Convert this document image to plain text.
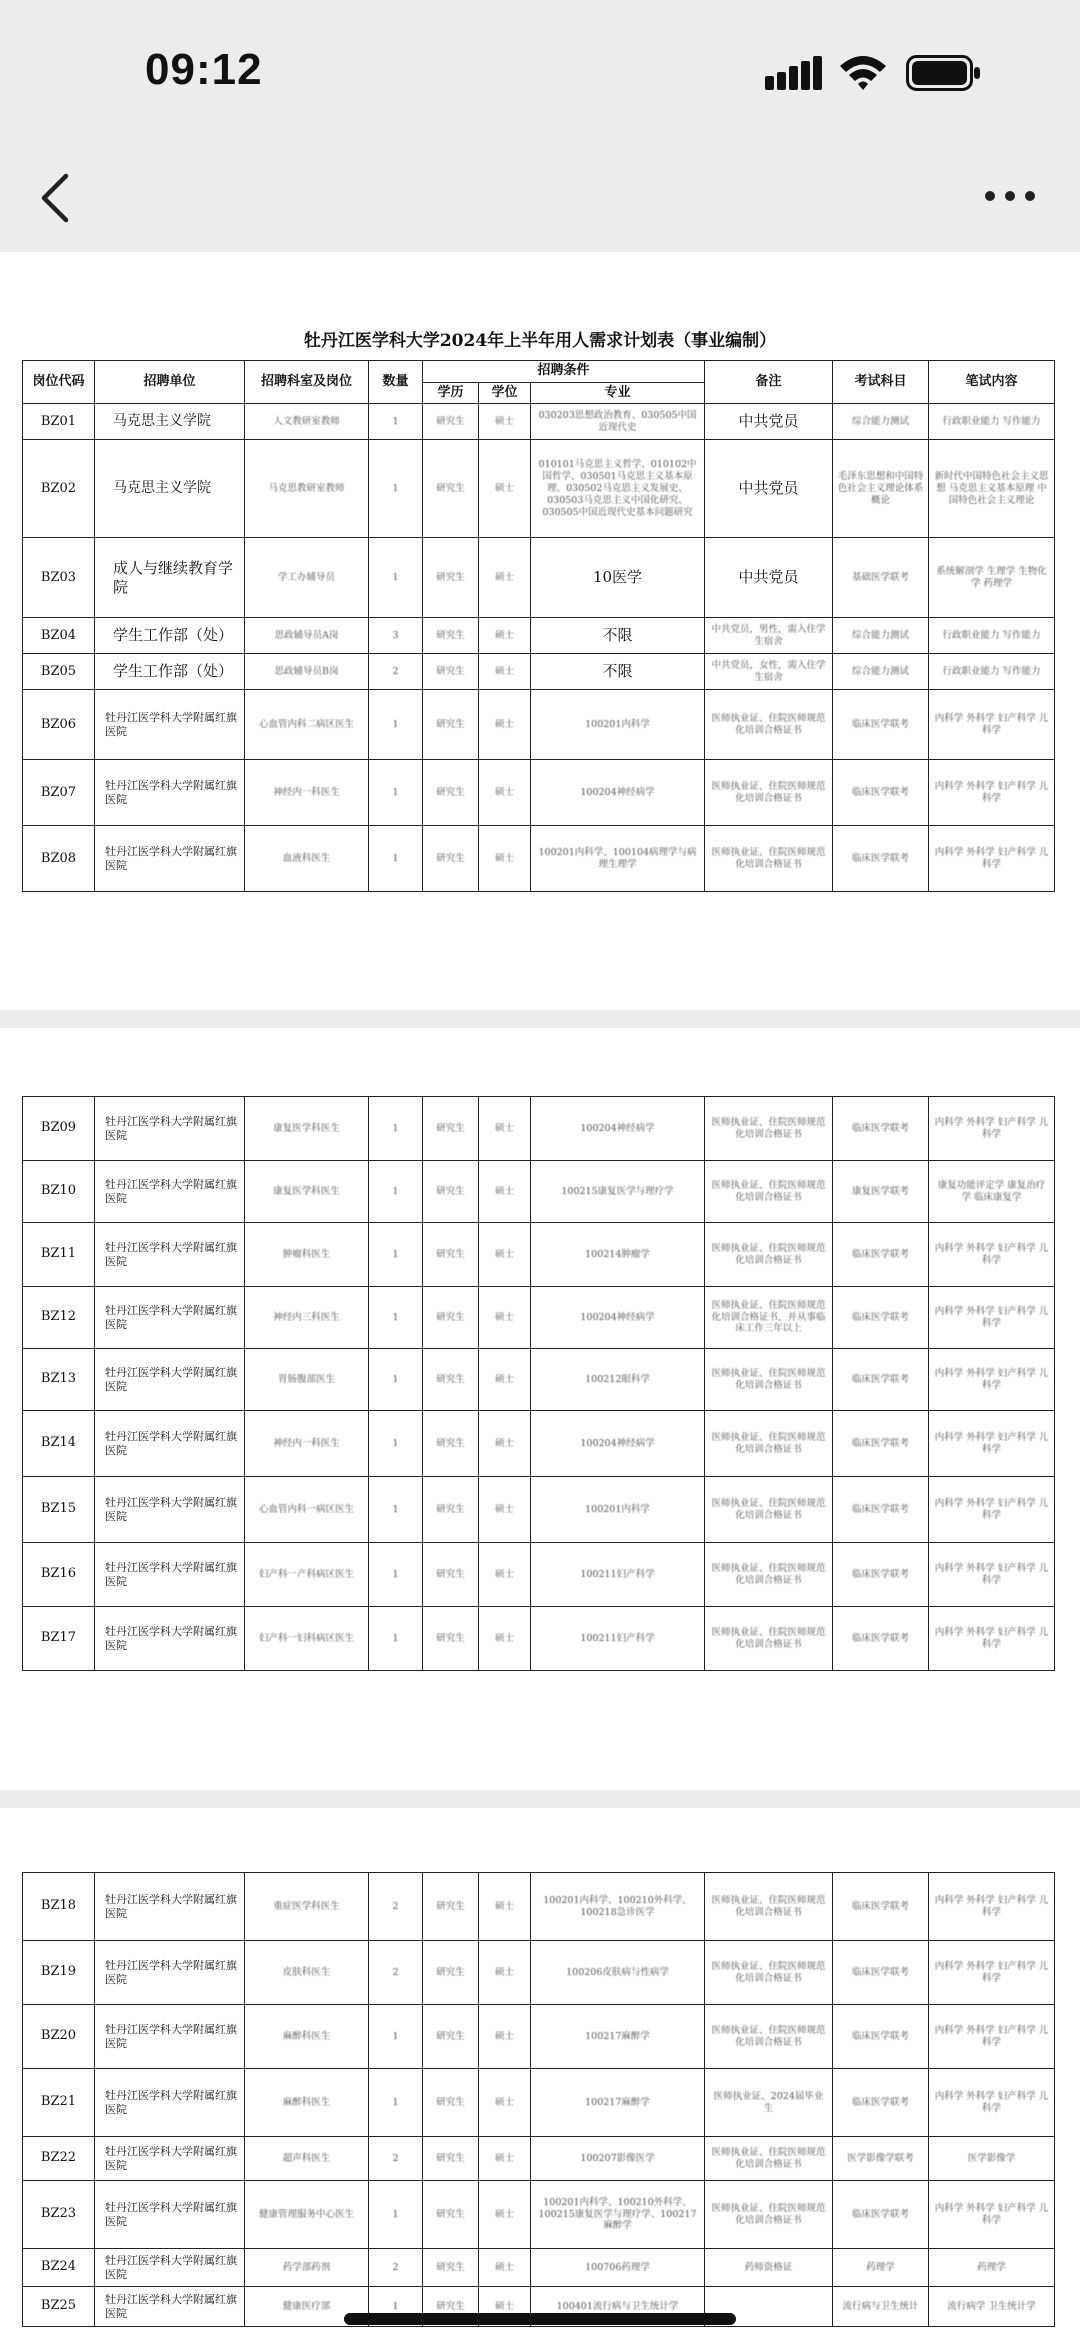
09:12
牡丹江医学科大学2024年上半年用人需求计划表（事业编制）
岗位代码	招聘单位	招聘科室及岗位	数量	招聘条件			备注	考试科目	笔试内容
				学历	学位	专业			
BZ01	马克思主义学院	人文教研室教师	1	研究生	硕士	030203思想政治教育、030505中国近现代史	中共党员	综合能力测试	行政职业能力 写作能力
BZ02	马克思主义学院	马克思教研室教师	1	研究生	硕士	010101马克思主义哲学、010102中国哲学、030501马克思主义基本原理、030502马克思主义发展史、030503马克思主义中国化研究、030505中国近现代史基本问题研究	中共党员	毛泽东思想和中国特色社会主义理论体系概论	新时代中国特色社会主义思想 马克思主义基本原理 中国特色社会主义理论
BZ03	成人与继续教育学院	学工办辅导员	1	研究生	硕士	10医学	中共党员	基础医学联考	系统解剖学 生理学 生物化学 药理学
BZ04	学生工作部（处）	思政辅导员A岗	3	研究生	硕士	不限	中共党员，男性，需入住学生宿舍	综合能力测试	行政职业能力 写作能力
BZ05	学生工作部（处）	思政辅导员B岗	2	研究生	硕士	不限	中共党员，女性，需入住学生宿舍	综合能力测试	行政职业能力 写作能力
BZ06	牡丹江医学科大学附属红旗医院	心血管内科二病区医生	1	研究生	硕士	100201内科学	医师执业证、住院医师规范化培训合格证书	临床医学联考	内科学 外科学 妇产科学 儿科学
BZ07	牡丹江医学科大学附属红旗医院	神经内一科医生	1	研究生	硕士	100204神经病学	医师执业证、住院医师规范化培训合格证书	临床医学联考	内科学 外科学 妇产科学 儿科学
BZ08	牡丹江医学科大学附属红旗医院	血液科医生	1	研究生	硕士	100201内科学、100104病理学与病理生理学	医师执业证、住院医师规范化培训合格证书	临床医学联考	内科学 外科学 妇产科学 儿科学
BZ09	牡丹江医学科大学附属红旗医院	康复医学科医生	1	研究生	硕士	100204神经病学	医师执业证、住院医师规范化培训合格证书	临床医学联考	内科学 外科学 妇产科学 儿科学
BZ10	牡丹江医学科大学附属红旗医院	康复医学科医生	1	研究生	硕士	100215康复医学与理疗学	医师执业证、住院医师规范化培训合格证书	康复医学联考	康复功能评定学 康复治疗学 临床康复学
BZ11	牡丹江医学科大学附属红旗医院	肿瘤科医生	1	研究生	硕士	100214肿瘤学	医师执业证、住院医师规范化培训合格证书	临床医学联考	内科学 外科学 妇产科学 儿科学
BZ12	牡丹江医学科大学附属红旗医院	神经内三科医生	1	研究生	硕士	100204神经病学	医师执业证、住院医师规范化培训合格证书，并从事临床工作三年以上	临床医学联考	内科学 外科学 妇产科学 儿科学
BZ13	牡丹江医学科大学附属红旗医院	胃肠腹部医生	1	研究生	硕士	100212眼科学	医师执业证、住院医师规范化培训合格证书	临床医学联考	内科学 外科学 妇产科学 儿科学
BZ14	牡丹江医学科大学附属红旗医院	神经内一科医生	1	研究生	硕士	100204神经病学	医师执业证、住院医师规范化培训合格证书	临床医学联考	内科学 外科学 妇产科学 儿科学
BZ15	牡丹江医学科大学附属红旗医院	心血管内科一病区医生	1	研究生	硕士	100201内科学	医师执业证、住院医师规范化培训合格证书	临床医学联考	内科学 外科学 妇产科学 儿科学
BZ16	牡丹江医学科大学附属红旗医院	妇产科一产科病区医生	1	研究生	硕士	100211妇产科学	医师执业证、住院医师规范化培训合格证书	临床医学联考	内科学 外科学 妇产科学 儿科学
BZ17	牡丹江医学科大学附属红旗医院	妇产科一妇科病区医生	1	研究生	硕士	100211妇产科学	医师执业证、住院医师规范化培训合格证书	临床医学联考	内科学 外科学 妇产科学 儿科学
BZ18	牡丹江医学科大学附属红旗医院	重症医学科医生	2	研究生	硕士	100201内科学、100210外科学、100218急诊医学	医师执业证、住院医师规范化培训合格证书	临床医学联考	内科学 外科学 妇产科学 儿科学
BZ19	牡丹江医学科大学附属红旗医院	皮肤科医生	2	研究生	硕士	100206皮肤病与性病学	医师执业证、住院医师规范化培训合格证书	临床医学联考	内科学 外科学 妇产科学 儿科学
BZ20	牡丹江医学科大学附属红旗医院	麻醉科医生	1	研究生	硕士	100217麻醉学	医师执业证、住院医师规范化培训合格证书	临床医学联考	内科学 外科学 妇产科学 儿科学
BZ21	牡丹江医学科大学附属红旗医院	麻醉科医生	1	研究生	硕士	100217麻醉学	医师执业证、2024届毕业生	临床医学联考	内科学 外科学 妇产科学 儿科学
BZ22	牡丹江医学科大学附属红旗医院	超声科医生	2	研究生	硕士	100207影像医学	医师执业证、住院医师规范化培训合格证书	医学影像学联考	医学影像学
BZ23	牡丹江医学科大学附属红旗医院	健康管理服务中心医生	1	研究生	硕士	100201内科学、100210外科学、100215康复医学与理疗学、100217麻醉学	医师执业证、住院医师规范化培训合格证书	临床医学联考	内科学 外科学 妇产科学 儿科学
BZ24	牡丹江医学科大学附属红旗医院	药学部药剂	2	研究生	硕士	100706药理学	药师资格证	药理学	药理学
BZ25	牡丹江医学科大学附属红旗医院	健康医疗部	1	研究生	硕士	100401流行病与卫生统计学		流行病与卫生统计	流行病学 卫生统计学
